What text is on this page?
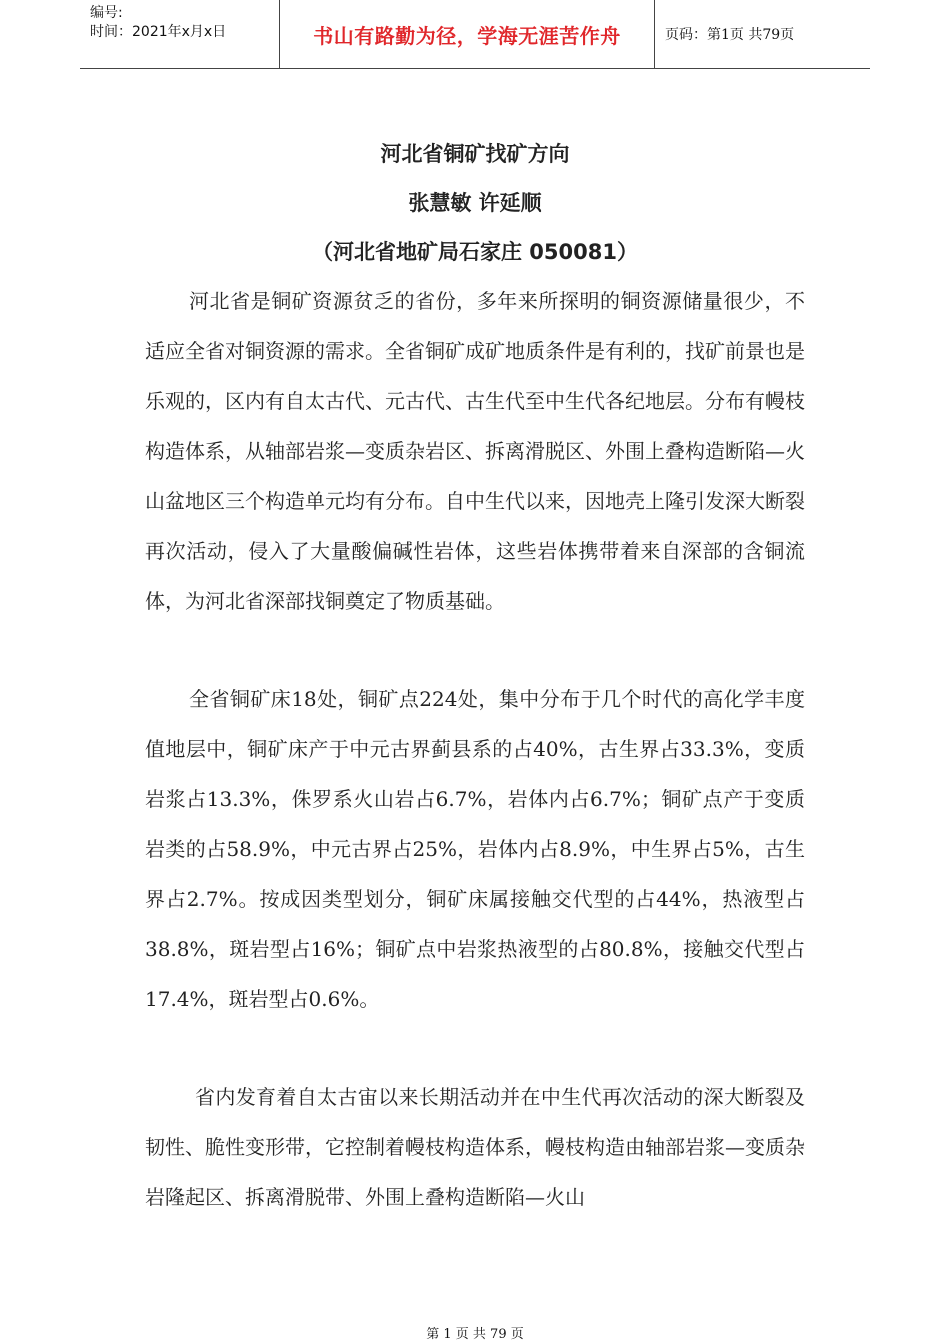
编号:
时间：2021年x月x日	书山有路勤为径，学海无涯苦作舟	页码：第1页 共79页
河北省铜矿找矿方向
张慧敏 许延顺
（河北省地矿局石家庄 050081）

河北省是铜矿资源贫乏的省份，多年来所探明的铜资源储量很少，不适应全省对铜资源的需求。全省铜矿成矿地质条件是有利的，找矿前景也是乐观的，区内有自太古代、元古代、古生代至中生代各纪地层。分布有幔枝构造体系，从轴部岩浆—变质杂岩区、拆离滑脱区、外围上叠构造断陷—火山盆地区三个构造单元均有分布。自中生代以来，因地壳上隆引发深大断裂再次活动，侵入了大量酸偏碱性岩体，这些岩体携带着来自深部的含铜流体，为河北省深部找铜奠定了物质基础。

全省铜矿床18处，铜矿点224处，集中分布于几个时代的高化学丰度值地层中，铜矿床产于中元古界蓟县系的占40%，古生界占33.3%，变质岩浆占13.3%，侏罗系火山岩占6.7%，岩体内占6.7%；铜矿点产于变质岩类的占58.9%，中元古界占25%，岩体内占8.9%，中生界占5%，古生界占2.7%。按成因类型划分，铜矿床属接触交代型的占44%，热液型占38.8%，斑岩型占16%；铜矿点中岩浆热液型的占80.8%，接触交代型占17.4%，斑岩型占0.6%。

省内发育着自太古宙以来长期活动并在中生代再次活动的深大断裂及韧性、脆性变形带，它控制着幔枝构造体系，幔枝构造由轴部岩浆—变质杂岩隆起区、拆离滑脱带、外围上叠构造断陷—火山

第 1 页 共 79 页
